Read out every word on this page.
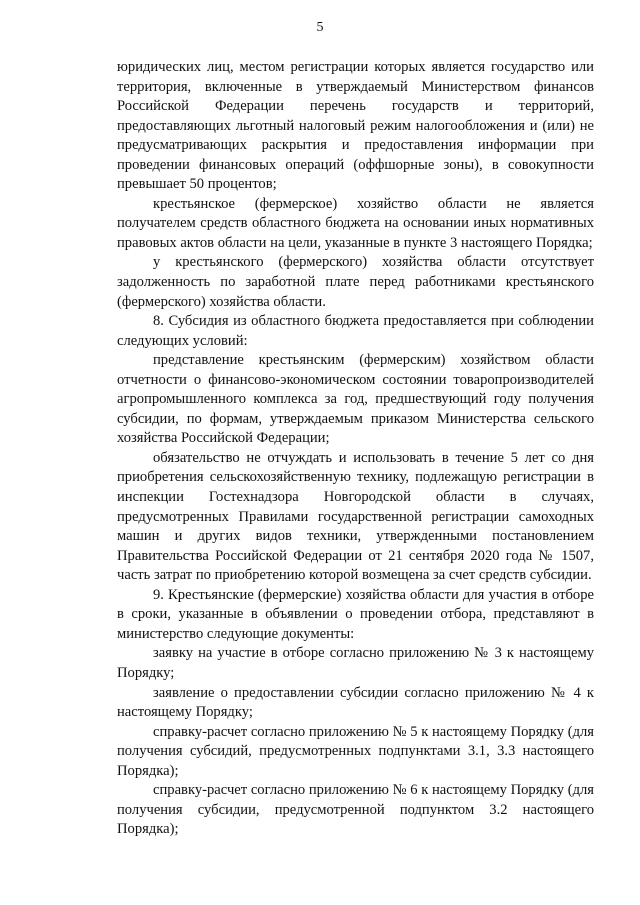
5

юридических лиц, местом регистрации которых является государство или территория, включенные в утверждаемый Министерством финансов Российской Федерации перечень государств и территорий, предоставляющих льготный налоговый режим налогообложения и (или) не предусматривающих раскрытия и предоставления информации при проведении финансовых операций (оффшорные зоны), в совокупности превышает 50 процентов;

крестьянское (фермерское) хозяйство области не является получателем средств областного бюджета на основании иных нормативных правовых актов области на цели, указанные в пункте 3 настоящего Порядка;

у крестьянского (фермерского) хозяйства области отсутствует задолженность по заработной плате перед работниками крестьянского (фермерского) хозяйства области.

8. Субсидия из областного бюджета предоставляется при соблюдении следующих условий:

представление крестьянским (фермерским) хозяйством области отчетности о финансово-экономическом состоянии товаропроизводителей агропромышленного комплекса за год, предшествующий году получения субсидии, по формам, утверждаемым приказом Министерства сельского хозяйства Российской Федерации;

обязательство не отчуждать и использовать в течение 5 лет со дня приобретения сельскохозяйственную технику, подлежащую регистрации в инспекции Гостехнадзора Новгородской области в случаях, предусмотренных Правилами государственной регистрации самоходных машин и других видов техники, утвержденными постановлением Правительства Российской Федерации от 21 сентября 2020 года № 1507, часть затрат по приобретению которой возмещена за счет средств субсидии.

9. Крестьянские (фермерские) хозяйства области для участия в отборе в сроки, указанные в объявлении о проведении отбора, представляют в министерство следующие документы:

заявку на участие в отборе согласно приложению № 3 к настоящему Порядку;

заявление о предоставлении субсидии согласно приложению № 4 к настоящему Порядку;

справку-расчет согласно приложению № 5 к настоящему Порядку (для получения субсидий, предусмотренных подпунктами 3.1, 3.3 настоящего Порядка);

справку-расчет согласно приложению № 6 к настоящему Порядку (для получения субсидии, предусмотренной подпунктом 3.2 настоящего Порядка);
